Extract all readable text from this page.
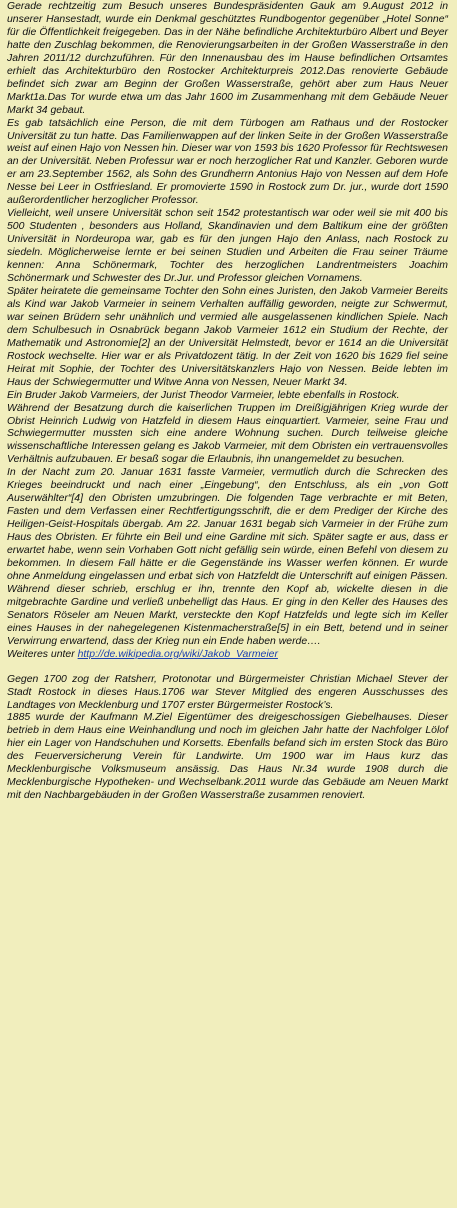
Gerade rechtzeitig zum Besuch unseres Bundespräsidenten Gauk am 9.August 2012 in unserer Hansestadt, wurde ein Denkmal geschütztes Rundbogentor gegenüber „Hotel Sonne“ für die Öffentlichkeit freigegeben. Das in der Nähe befindliche Architekturbüro Albert und Beyer hatte den Zuschlag bekommen, die Renovierungsarbeiten in der Großen Wasserstraße in den Jahren 2011/12 durchzuführen. Für den Innenausbau des im Hause befindlichen Ortsamtes erhielt das Architekturbüro den Rostocker Architekturpreis 2012.Das renovierte Gebäude befindet sich zwar am Beginn der Großen Wasserstraße, gehört aber zum Haus Neuer Markt1a.Das Tor wurde etwa um das Jahr 1600 im Zusammenhang mit dem Gebäude Neuer Markt 34 gebaut.

Es gab tatsächlich eine Person, die mit dem Türbogen am Rathaus und der Rostocker Universität zu tun hatte. Das Familienwappen auf der linken Seite in der Großen Wasserstraße weist auf einen Hajo von Nessen hin. Dieser war von 1593 bis 1620 Professor für Rechtswesen an der Universität. Neben Professur war er noch herzoglicher Rat und Kanzler. Geboren wurde er am 23.September 1562, als Sohn des Grundherrn Antonius Hajo von Nessen auf dem Hofe Nesse bei Leer in Ostfriesland. Er promovierte 1590 in Rostock zum Dr. jur., wurde dort 1590 außerordentlicher herzoglicher Professor.

Vielleicht, weil unsere Universität schon seit 1542 protestantisch war oder weil sie mit 400 bis 500 Studenten , besonders aus Holland, Skandinavien und dem Baltikum eine der größten Universität in Nordeuropa war, gab es für den jungen Hajo den Anlass, nach Rostock zu siedeln. Möglicherweise lernte er bei seinen Studien und Arbeiten die Frau seiner Träume kennen: Anna Schönermark, Tochter des herzoglichen Landrentmeisters Joachim Schönermark und Schwester des Dr.Jur. und Professor gleichen Vornamens.

Später heiratete die gemeinsame Tochter den Sohn eines Juristen, den Jakob Varmeier Bereits als Kind war Jakob Varmeier in seinem Verhalten auffällig geworden, neigte zur Schwermut, war seinen Brüdern sehr unähnlich und vermied alle ausgelassenen kindlichen Spiele. Nach dem Schulbesuch in Osnabrück begann Jakob Varmeier 1612 ein Studium der Rechte, der Mathematik und Astronomie[2] an der Universität Helmstedt, bevor er 1614 an die Universität Rostock wechselte. Hier war er als Privatdozent tätig. In der Zeit von 1620 bis 1629 fiel seine Heirat mit Sophie, der Tochter des Universitätskanzlers Hajo von Nessen. Beide lebten im Haus der Schwiegermutter und Witwe Anna von Nessen, Neuer Markt 34.

Ein Bruder Jakob Varmeiers, der Jurist Theodor Varmeier, lebte ebenfalls in Rostock.

Während der Besatzung durch die kaiserlichen Truppen im Dreißigjährigen Krieg wurde der Obrist Heinrich Ludwig von Hatzfeld in diesem Haus einquartiert. Varmeier, seine Frau und Schwiegermutter mussten sich eine andere Wohnung suchen. Durch teilweise gleiche wissenschaftliche Interessen gelang es Jakob Varmeier, mit dem Obristen ein vertrauensvolles Verhältnis aufzubauen. Er besaß sogar die Erlaubnis, ihn unangemeldet zu besuchen.

In der Nacht zum 20. Januar 1631 fasste Varmeier, vermutlich durch die Schrecken des Krieges beeindruckt und nach einer „Eingebung“, den Entschluss, als ein „von Gott Auserwählter“[4] den Obristen umzubringen. Die folgenden Tage verbrachte er mit Beten, Fasten und dem Verfassen einer Rechtfertigungsschrift, die er dem Prediger der Kirche des Heiligen-Geist-Hospitals übergab. Am 22. Januar 1631 begab sich Varmeier in der Frühe zum Haus des Obristen. Er führte ein Beil und eine Gardine mit sich. Später sagte er aus, dass er erwartet habe, wenn sein Vorhaben Gott nicht gefällig sein würde, einen Befehl von diesem zu bekommen. In diesem Fall hätte er die Gegenstände ins Wasser werfen können. Er wurde ohne Anmeldung eingelassen und erbat sich von Hatzfeldt die Unterschrift auf einigen Pässen. Während dieser schrieb, erschlug er ihn, trennte den Kopf ab, wickelte diesen in die mitgebrachte Gardine und verließ unbehelligt das Haus. Er ging in den Keller des Hauses des Senators Röseler am Neuen Markt, versteckte den Kopf Hatzfelds und legte sich im Keller eines Hauses in der nahegelegenen Kistenmacherstraße[5] in ein Bett, betend und in seiner Verwirrung erwartend, dass der Krieg nun ein Ende haben werde….

Weiteres unter http://de.wikipedia.org/wiki/Jakob_Varmeier

Gegen 1700 zog der Ratsherr, Protonotar und Bürgermeister Christian Michael Stever der Stadt Rostock in dieses Haus.1706 war Stever Mitglied des engeren Ausschusses des Landtages von Mecklenburg und 1707 erster Bürgermeister Rostock’s.

1885 wurde der Kaufmann M.Ziel Eigentümer des dreigeschossigen Giebelhauses. Dieser betrieb in dem Haus eine Weinhandlung und noch im gleichen Jahr hatte der Nachfolger Lölof hier ein Lager von Handschuhen und Korsetts. Ebenfalls befand sich im ersten Stock das Büro des Feuerversicherung Verein für Landwirte. Um 1900 war im Haus kurz das Mecklenburgische Volksmuseum ansässig. Das Haus Nr.34 wurde 1908 durch die Mecklenburgische Hypotheken- und Wechselbank.2011 wurde das Gebäude am Neuen Markt mit den Nachbargebäuden in der Großen Wasserstraße zusammen renoviert.
